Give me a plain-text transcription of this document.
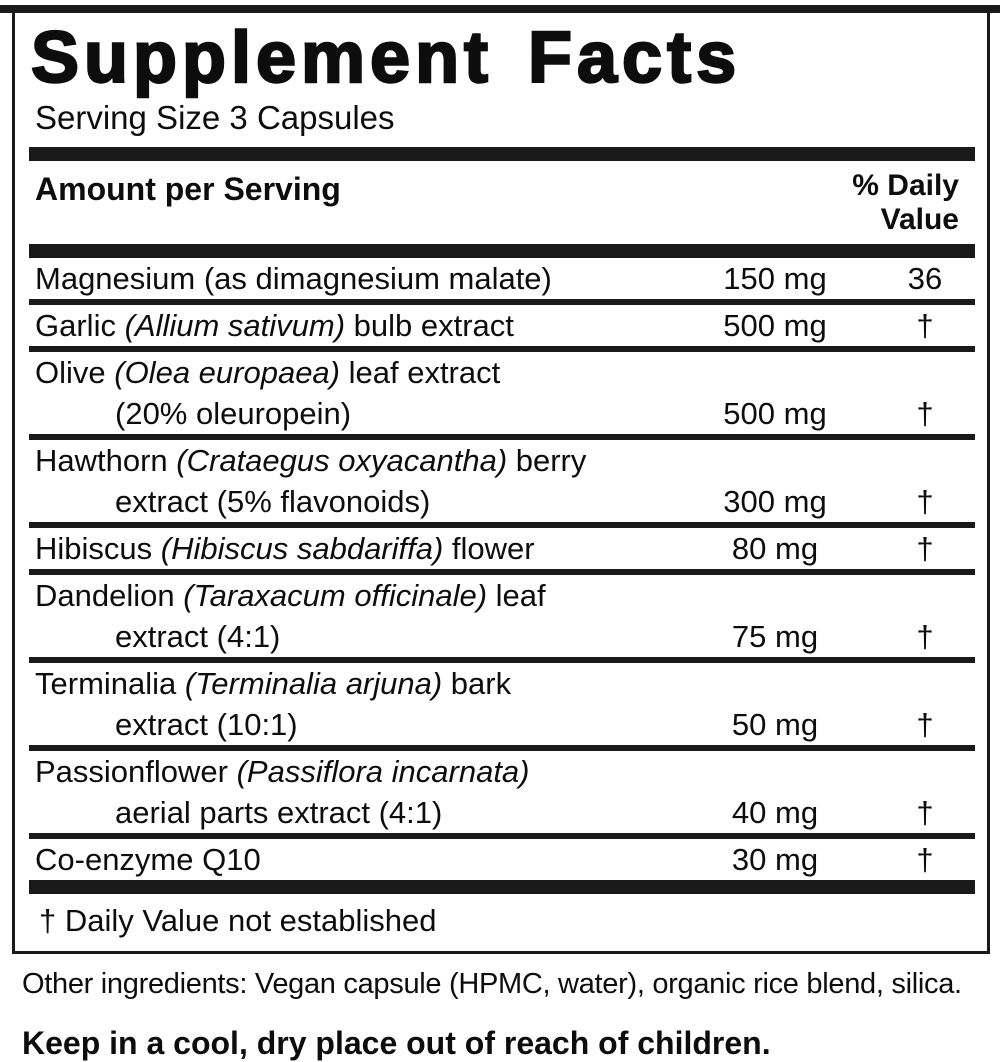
Supplement Facts
Serving Size 3 Capsules
Amount per Serving	% Daily
Value
Magnesium (as dimagnesium malate)	150 mg	36
Garlic (Allium sativum) bulb extract	500 mg	†
Olive (Olea europaea) leaf extract
(20% oleuropein)	500 mg	†
Hawthorn (Crataegus oxyacantha) berry
extract (5% flavonoids)	300 mg	†
Hibiscus (Hibiscus sabdariffa) flower	80 mg	†
Dandelion (Taraxacum officinale) leaf
extract (4:1)	75 mg	†
Terminalia (Terminalia arjuna) bark
extract (10:1)	50 mg	†
Passionflower (Passiflora incarnata)
aerial parts extract (4:1)	40 mg	†
Co-enzyme Q10	30 mg	†
† Daily Value not established
Other ingredients: Vegan capsule (HPMC, water), organic rice blend, silica.
Keep in a cool, dry place out of reach of children.
